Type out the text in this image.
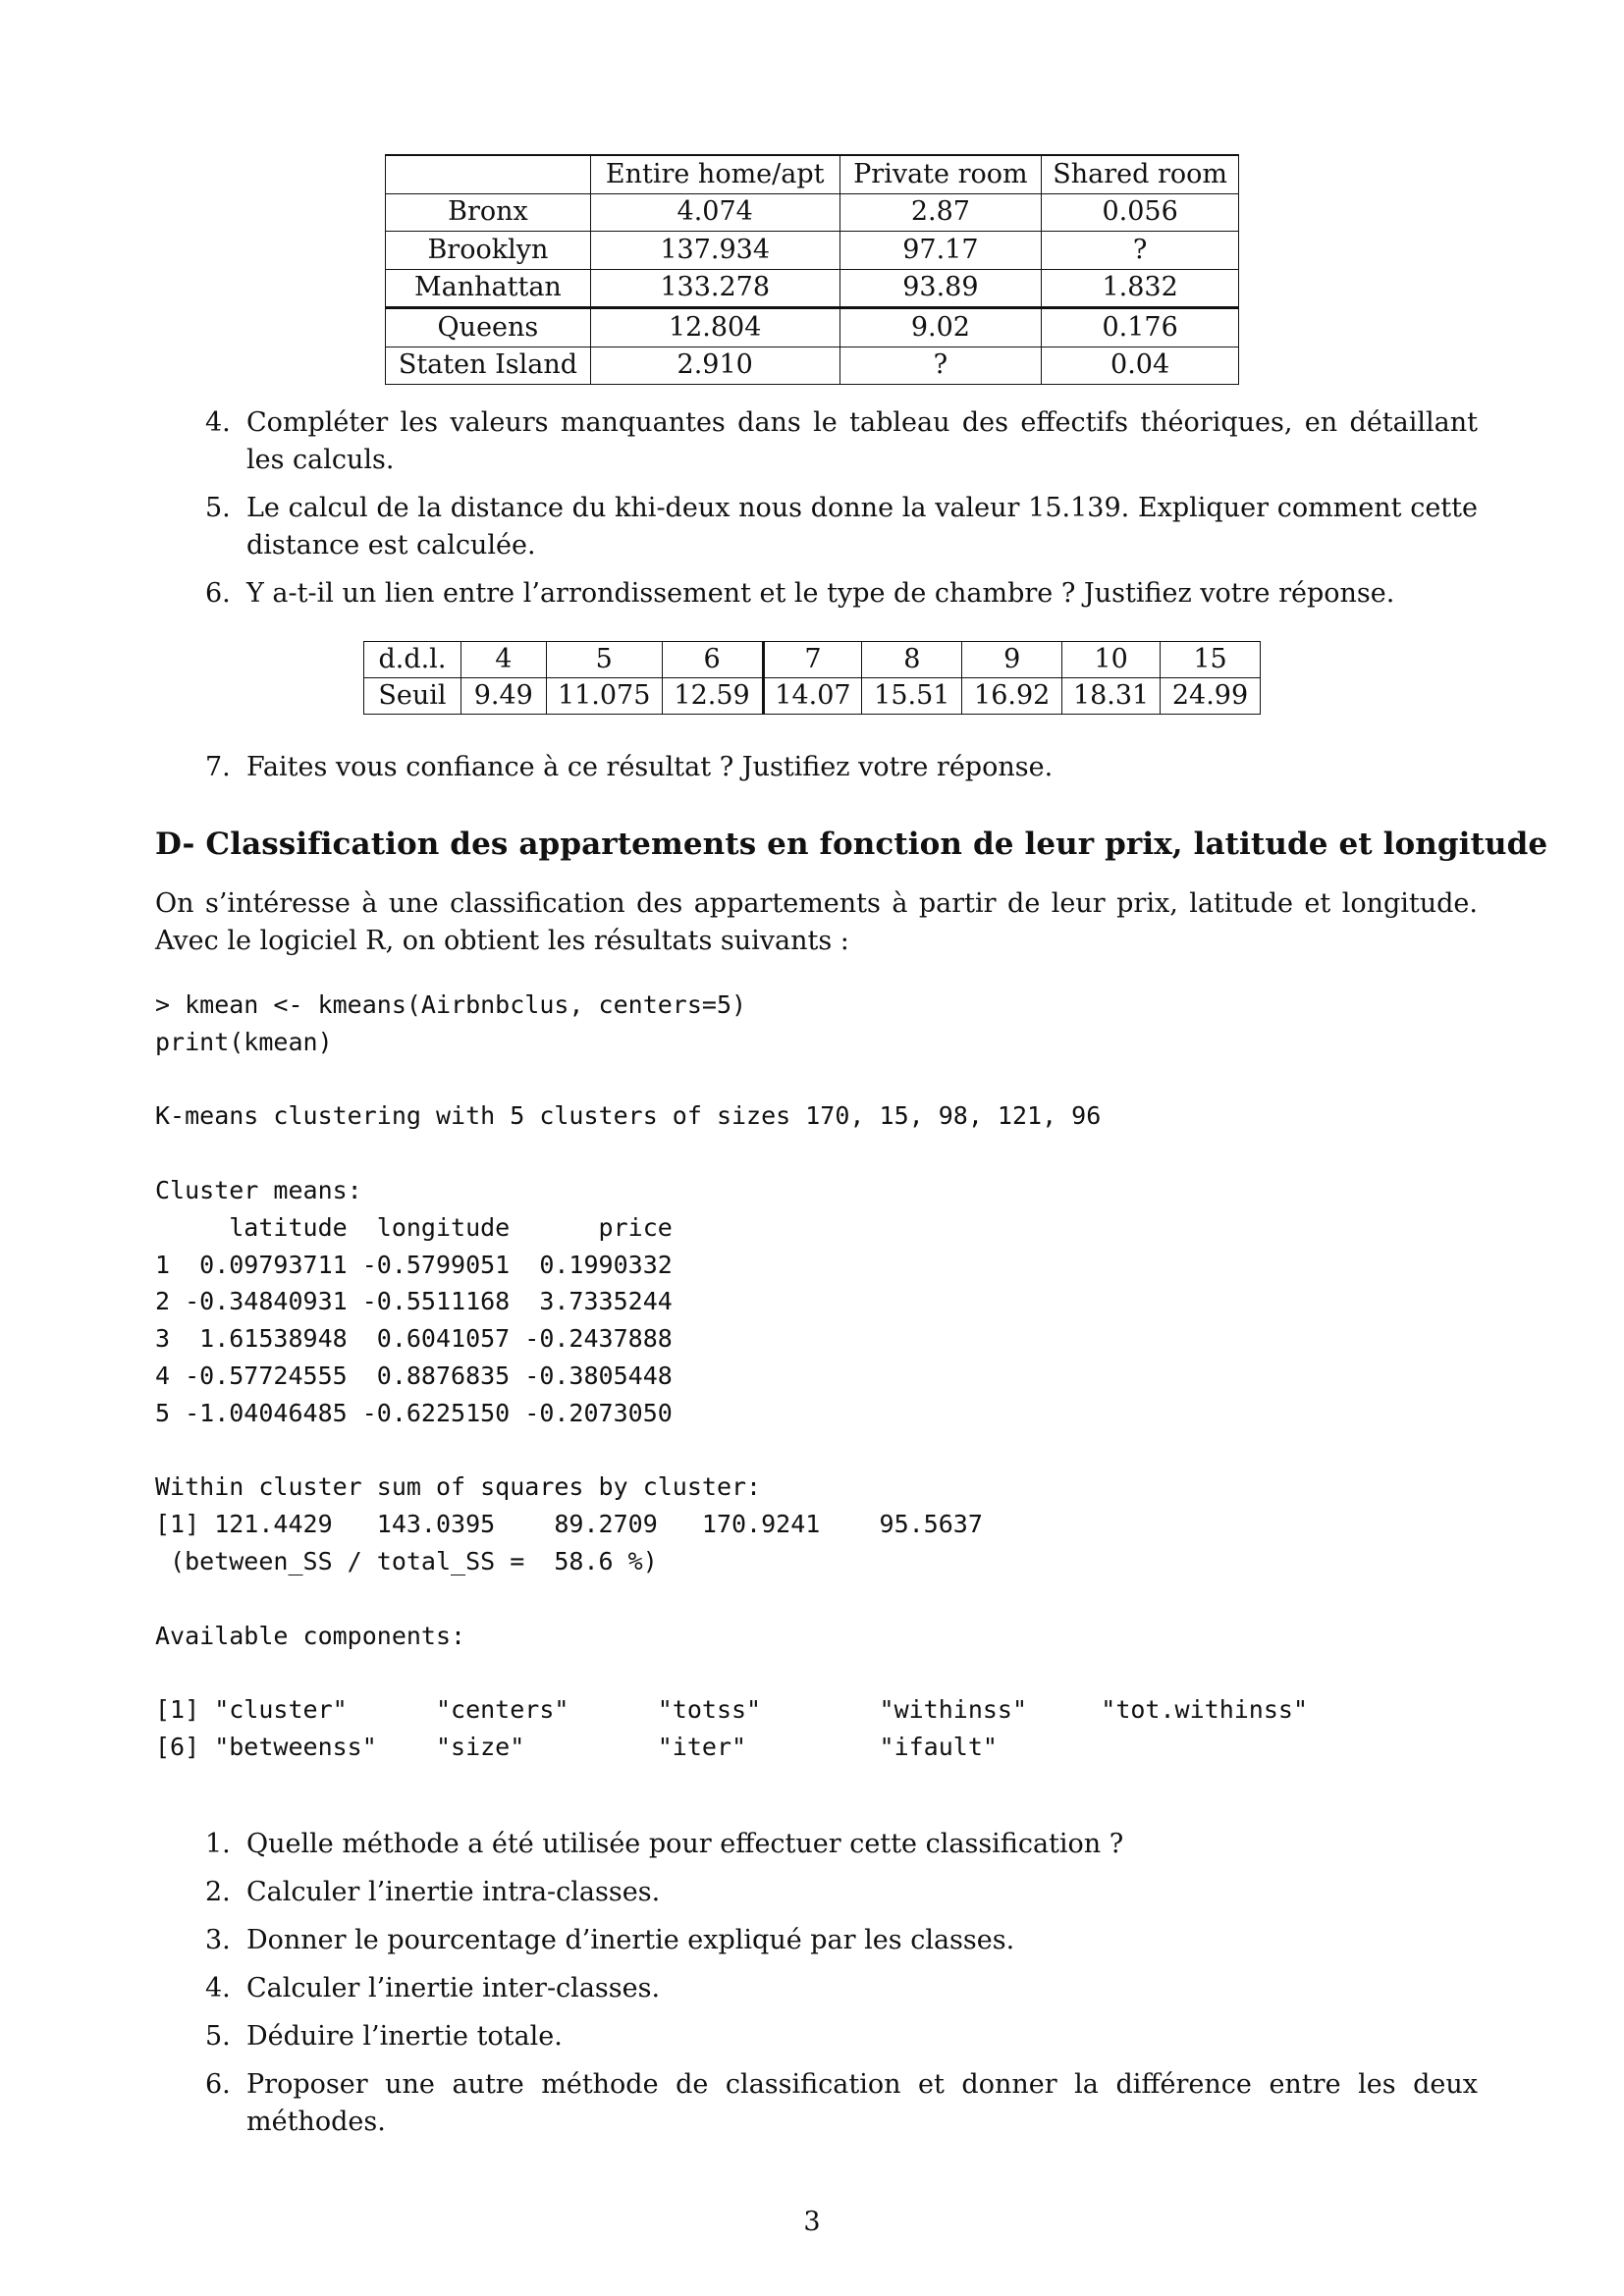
	Entire home/apt	Private room	Shared room
Bronx	4.074	2.87	0.056
Brooklyn	137.934	97.17	?
Manhattan	133.278	93.89	1.832
Queens	12.804	9.02	0.176
Staten Island	2.910	?	0.04
4. Compléter les valeurs manquantes dans le tableau des effectifs théoriques, en détaillant les calculs.
5. Le calcul de la distance du khi-deux nous donne la valeur 15.139. Expliquer comment cette distance est calculée.
6. Y a-t-il un lien entre l’arrondissement et le type de chambre ? Justifiez votre réponse.
d.d.l.	4	5	6	7	8	9	10	15
Seuil	9.49	11.075	12.59	14.07	15.51	16.92	18.31	24.99
7. Faites vous confiance à ce résultat ? Justifiez votre réponse.
D- Classification des appartements en fonction de leur prix, latitude et longitude
On s’intéresse à une classification des appartements à partir de leur prix, latitude et longitude. Avec le logiciel R, on obtient les résultats suivants :
> kmean <- kmeans(Airbnbclus, centers=5)
print(kmean)

K-means clustering with 5 clusters of sizes 170, 15, 98, 121, 96

Cluster means:
latitude  longitude      price
1  0.09793711 -0.5799051  0.1990332
2 -0.34840931 -0.5511168  3.7335244
3  1.61538948  0.6041057 -0.2437888
4 -0.57724555  0.8876835 -0.3805448
5 -1.04046485 -0.6225150 -0.2073050

Within cluster sum of squares by cluster:
[1] 121.4429   143.0395    89.2709   170.9241    95.5637
(between_SS / total_SS =  58.6 %)

Available components:

[1] "cluster"      "centers"      "totss"        "withinss"     "tot.withinss"
[6] "betweenss"    "size"         "iter"         "ifault"
1. Quelle méthode a été utilisée pour effectuer cette classification ?
2. Calculer l’inertie intra-classes.
3. Donner le pourcentage d’inertie expliqué par les classes.
4. Calculer l’inertie inter-classes.
5. Déduire l’inertie totale.
6. Proposer une autre méthode de classification et donner la différence entre les deux méthodes.
3
